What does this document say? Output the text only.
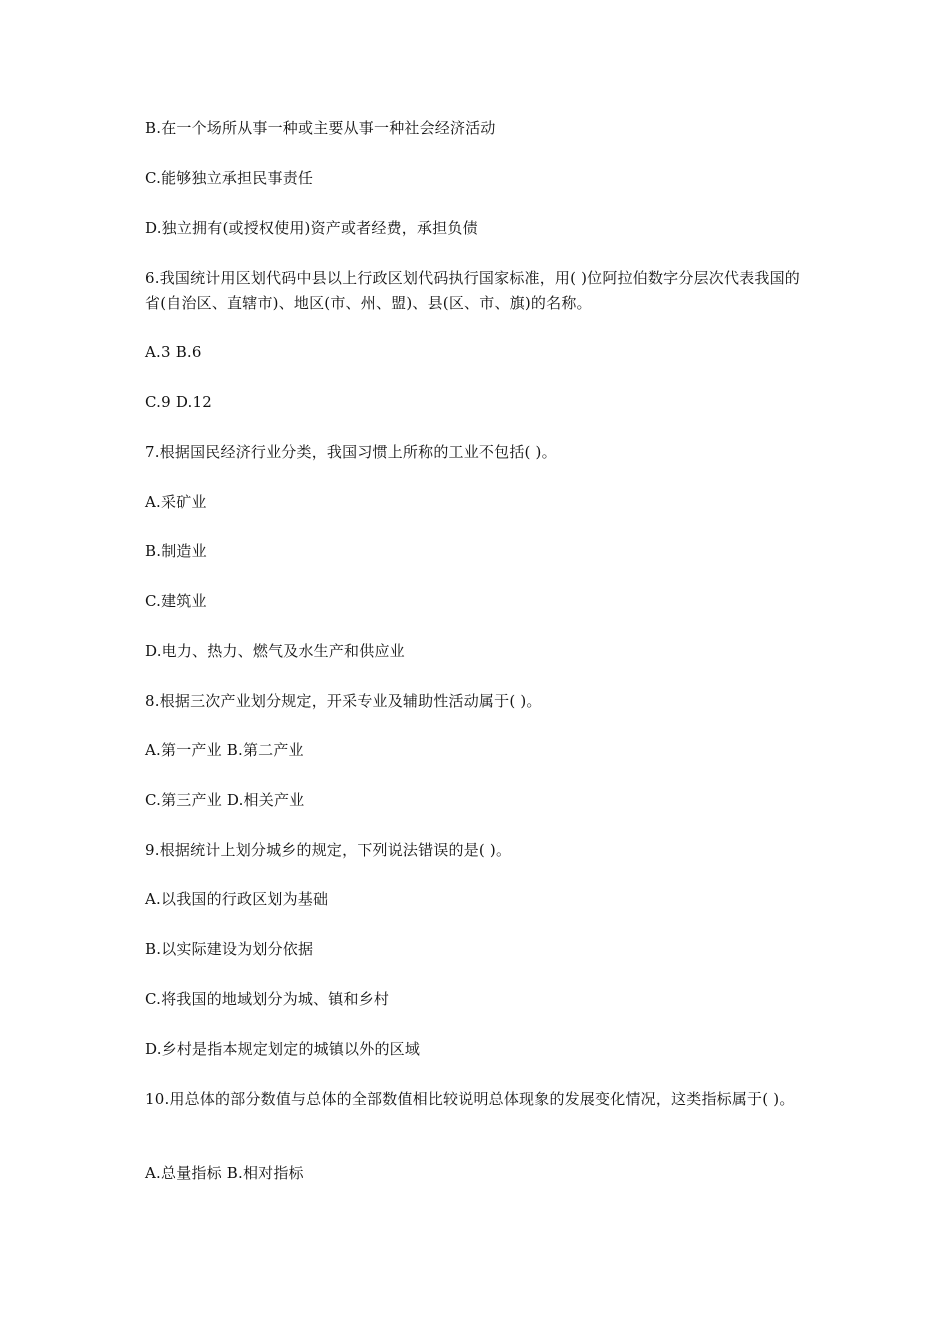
B.在一个场所从事一种或主要从事一种社会经济活动
C.能够独立承担民事责任
D.独立拥有(或授权使用)资产或者经费，承担负债
6.我国统计用区划代码中县以上行政区划代码执行国家标准，用( )位阿拉伯数字分层次代表我国的省(自治区、直辖市)、地区(市、州、盟)、县(区、市、旗)的名称。
A.3 B.6
C.9 D.12
7.根据国民经济行业分类，我国习惯上所称的工业不包括( )。
A.采矿业
B.制造业
C.建筑业
D.电力、热力、燃气及水生产和供应业
8.根据三次产业划分规定，开采专业及辅助性活动属于( )。
A.第一产业 B.第二产业
C.第三产业 D.相关产业
9.根据统计上划分城乡的规定，下列说法错误的是( )。
A.以我国的行政区划为基础
B.以实际建设为划分依据
C.将我国的地域划分为城、镇和乡村
D.乡村是指本规定划定的城镇以外的区域
10.用总体的部分数值与总体的全部数值相比较说明总体现象的发展变化情况，这类指标属于( )。
A.总量指标 B.相对指标
